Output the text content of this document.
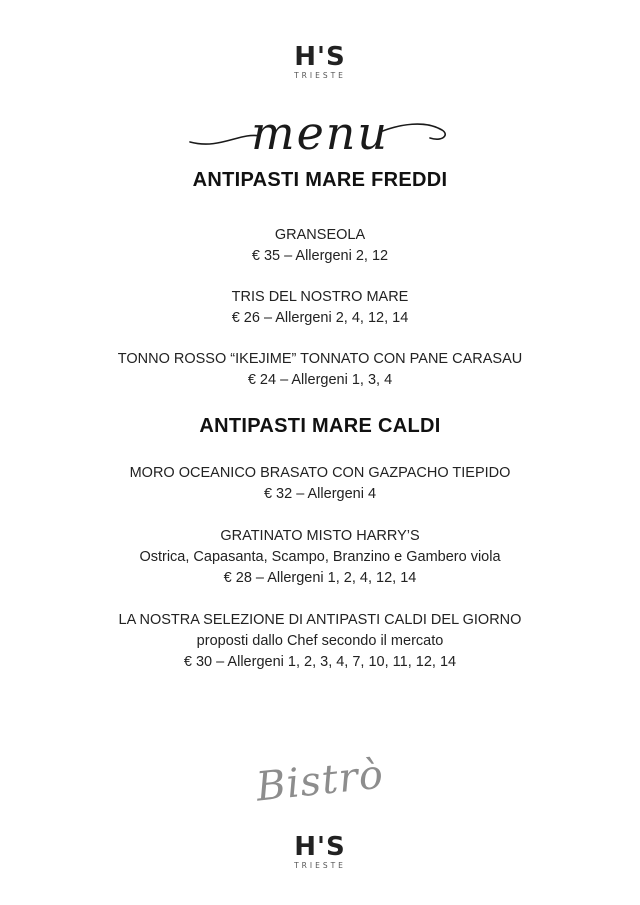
H'S
TRIESTE
menu
ANTIPASTI MARE FREDDI
GRANSEOLA
€ 35 – Allergeni 2, 12
TRIS DEL NOSTRO MARE
€ 26 – Allergeni 2, 4, 12, 14
TONNO ROSSO “IKEJIME” TONNATO CON PANE CARASAU
€ 24 – Allergeni 1, 3, 4
ANTIPASTI MARE CALDI
MORO OCEANICO BRASATO CON GAZPACHO TIEPIDO
€ 32 – Allergeni 4
GRATINATO MISTO HARRY’S
Ostrica, Capasanta, Scampo, Branzino e Gambero viola
€ 28 – Allergeni 1, 2, 4, 12, 14
LA NOSTRA SELEZIONE DI ANTIPASTI CALDI DEL GIORNO
proposti dallo Chef secondo il mercato
€ 30 – Allergeni 1, 2, 3, 4, 7, 10, 11, 12, 14
Bistrò
H'S
TRIESTE
